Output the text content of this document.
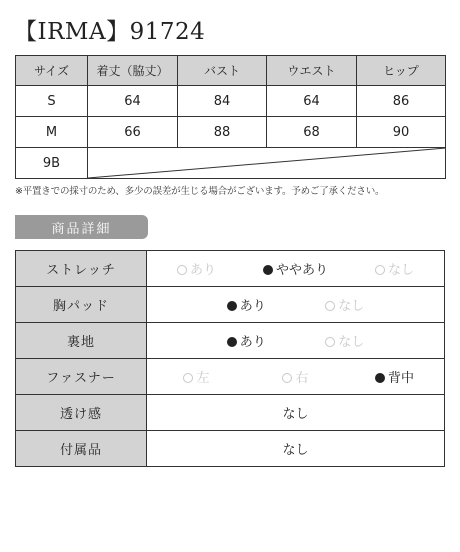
【IRMA】91724
サイズ	着丈（脇丈）	バスト	ウエスト	ヒップ
S	64	84	64	86
M	66	88	68	90
9B	
※平置きでの採寸のため、多少の誤差が生じる場合がございます。予めご了承ください。
商品詳細
ストレッチ	あり ややあり なし

胸パッド	あり なし

裏地	あり なし

ファスナー	左 右 背中

透け感	なし
付属品	なし
